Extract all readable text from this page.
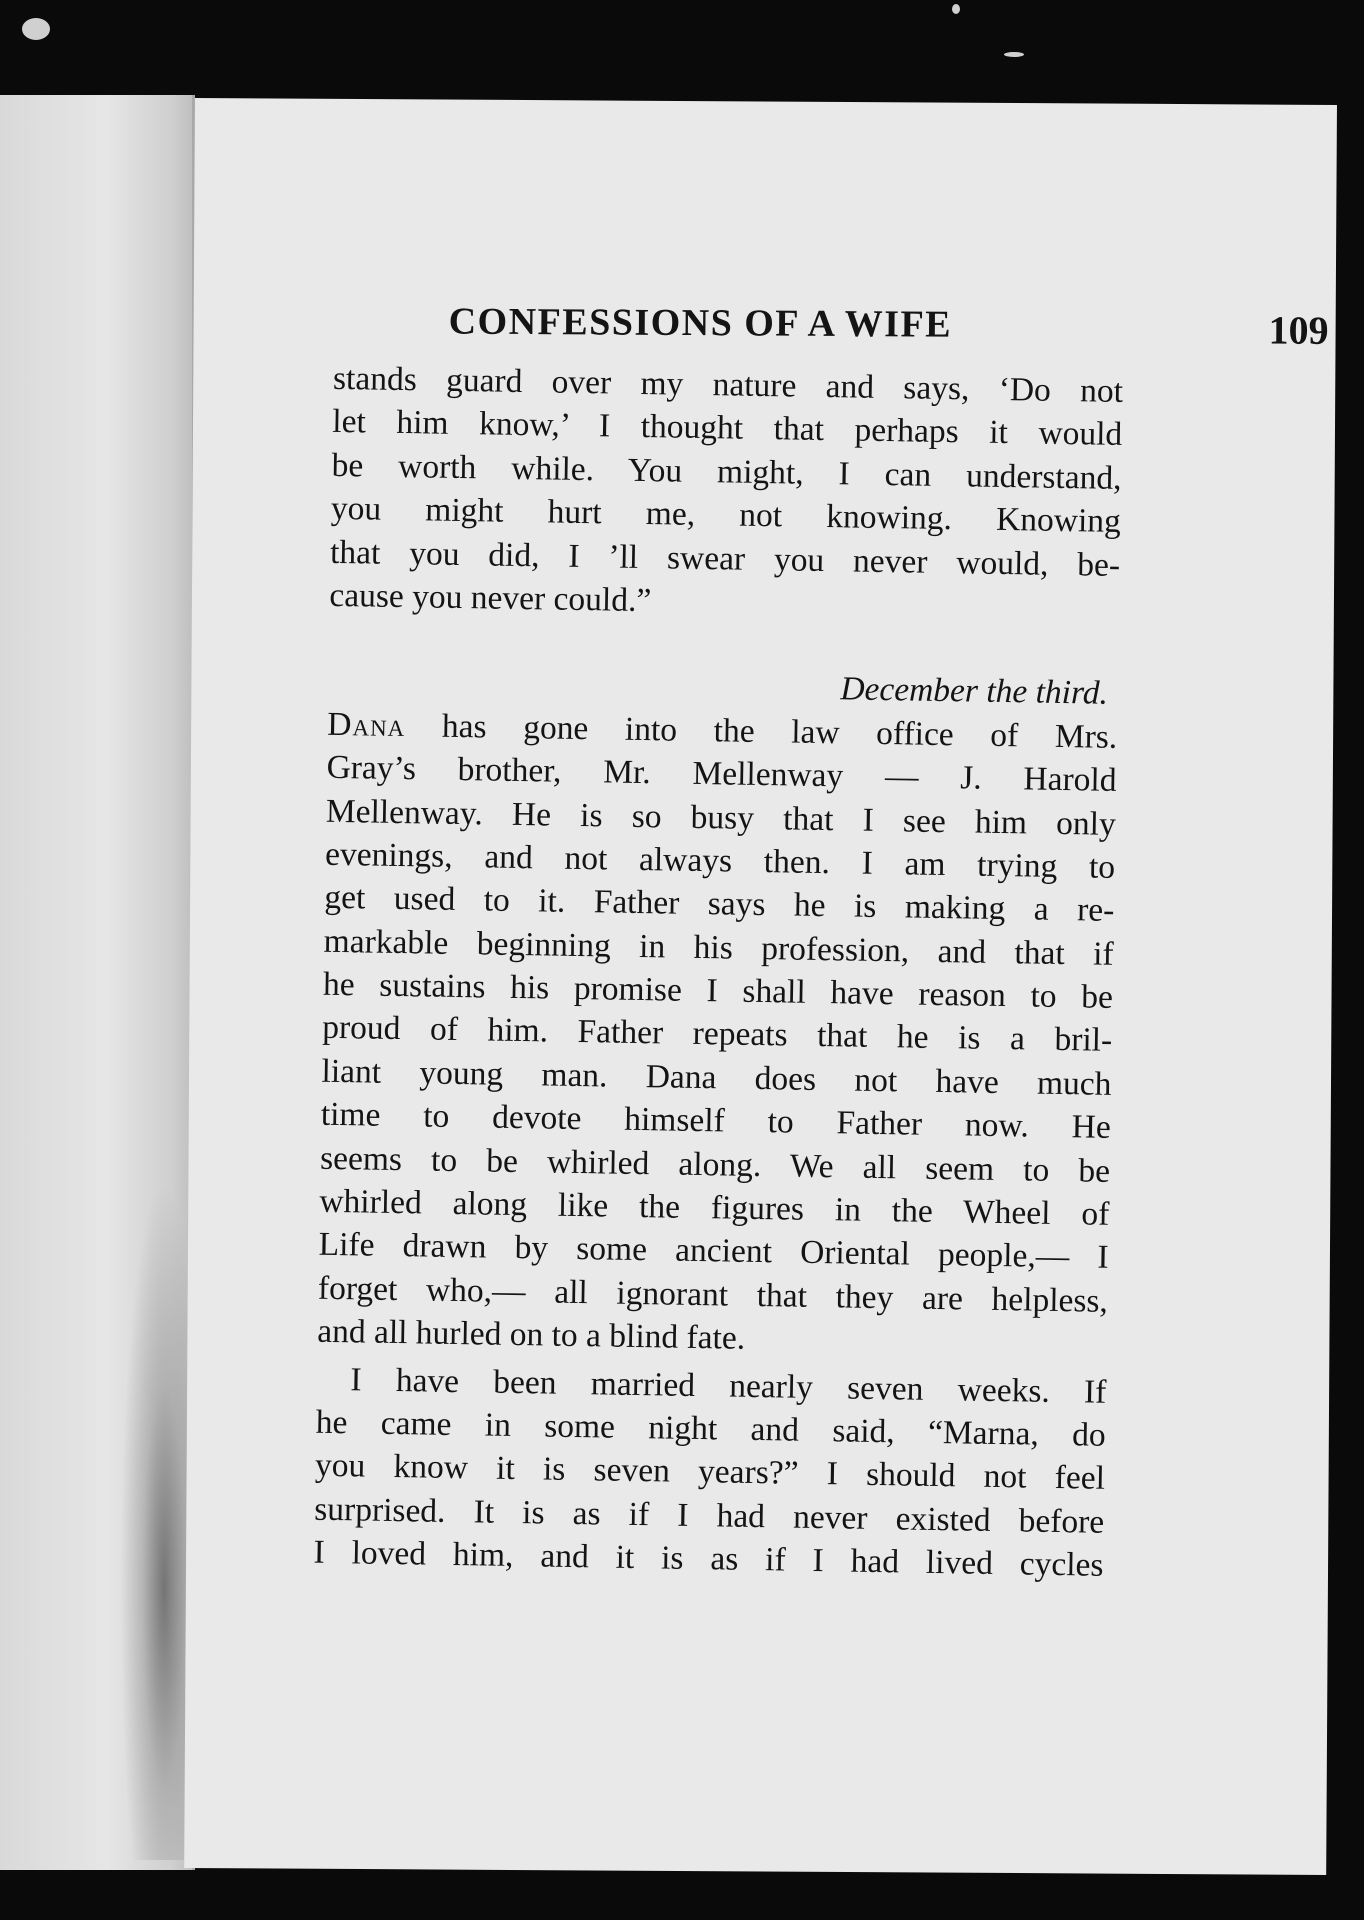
CONFESSIONS OF A WIFE	109
stands guard over my nature and says, ‘Do not
let him know,’ I thought that perhaps it would
be worth while. You might, I can understand,
you might hurt me, not knowing. Knowing
that you did, I ’ll swear you never would, be-
cause you never could.”
December the third.
Dana has gone into the law office of Mrs.
Gray’s brother, Mr. Mellenway — J. Harold
Mellenway. He is so busy that I see him only
evenings, and not always then. I am trying to
get used to it. Father says he is making a re-
markable beginning in his profession, and that if
he sustains his promise I shall have reason to be
proud of him. Father repeats that he is a bril-
liant young man. Dana does not have much
time to devote himself to Father now. He
seems to be whirled along. We all seem to be
whirled along like the figures in the Wheel of
Life drawn by some ancient Oriental people,— I
forget who,— all ignorant that they are helpless,
and all hurled on to a blind fate.
I have been married nearly seven weeks. If
he came in some night and said, “Marna, do
you know it is seven years?” I should not feel
surprised. It is as if I had never existed before
I loved him, and it is as if I had lived cycles
